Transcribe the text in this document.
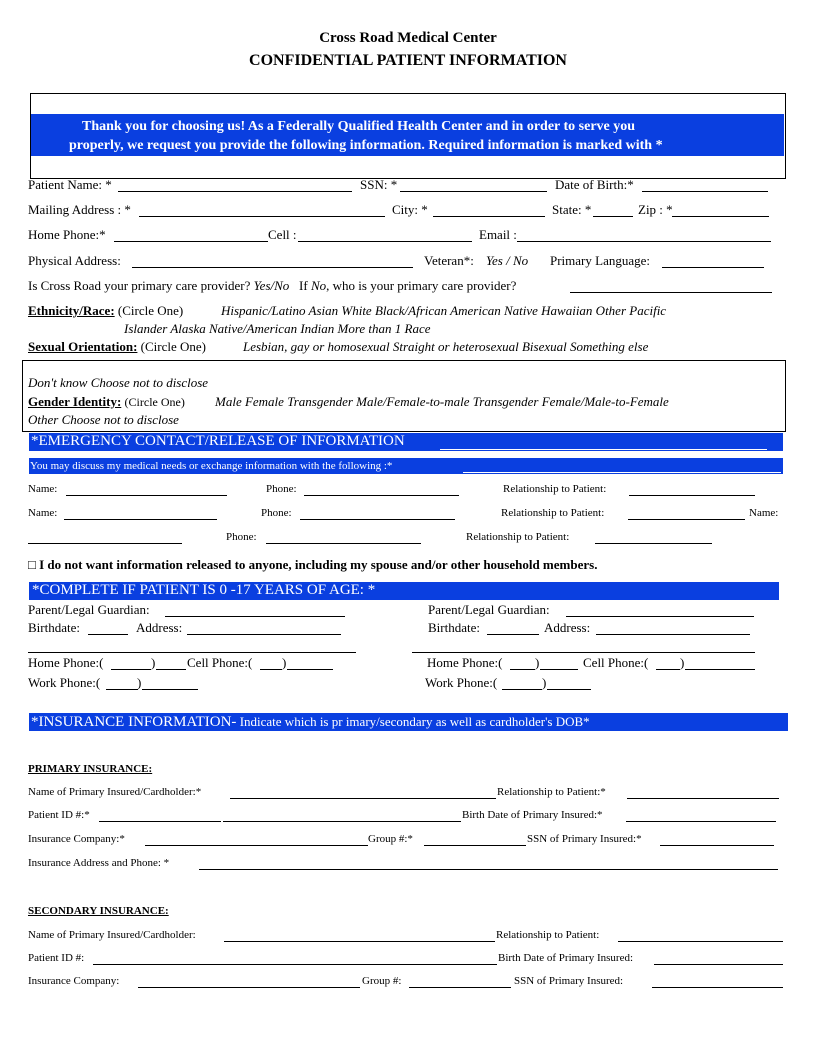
Cross Road Medical Center
CONFIDENTIAL PATIENT INFORMATION
Thank you for choosing us! As a Federally Qualified Health Center and in order to serve you
properly, we request you provide the following information. Required information is marked with *
Patient Name: *	SSN: *	Date of Birth:*
Mailing Address : *	City: *	State: *	Zip : *
Home Phone:*	Cell :	Email :
Physical Address:	Veteran*: Yes / No Primary Language:
Is Cross Road your primary care provider? Yes/No If No, who is your primary care provider?
Ethnicity/Race: (Circle One)	Hispanic/Latino Asian White Black/African American Native Hawaiian Other Pacific
Islander Alaska Native/American Indian More than 1 Race
Sexual Orientation: (Circle One)	Lesbian, gay or homosexual Straight or heterosexual Bisexual Something else
Don't know Choose not to disclose
Gender Identity: (Circle One) Male Female Transgender Male/Female-to-male Transgender Female/Male-to-Female
Other Choose not to disclose
*EMERGENCY CONTACT/RELEASE OF INFORMATION
You may discuss my medical needs or exchange information with the following :*
Name:	Phone:	Relationship to Patient:
Name:	Phone:	Relationship to Patient:	Name:
Phone:	Relationship to Patient:
□ I do not want information released to anyone, including my spouse and/or other household members.
*COMPLETE IF PATIENT IS 0 -17 YEARS OF AGE: *
Parent/Legal Guardian:
Birthdate:	Address:
Parent/Legal Guardian:
Birthdate:	Address:
Home Phone:(	) Cell Phone:( )
Work Phone:(	)
Home Phone:(	)	Cell Phone:( )
Work Phone:(	)
*INSURANCE INFORMATION- Indicate which is pr imary/secondary as well as cardholder's DOB*
PRIMARY INSURANCE:
Name of Primary Insured/Cardholder:*	Relationship to Patient:*
Patient ID #:*	Birth Date of Primary Insured:*
Insurance Company:*	Group #:*	SSN of Primary Insured:*
Insurance Address and Phone: *
SECONDARY INSURANCE:
Name of Primary Insured/Cardholder:	Relationship to Patient:
Patient ID #:	Birth Date of Primary Insured:
Insurance Company:	Group #:	SSN of Primary Insured:
